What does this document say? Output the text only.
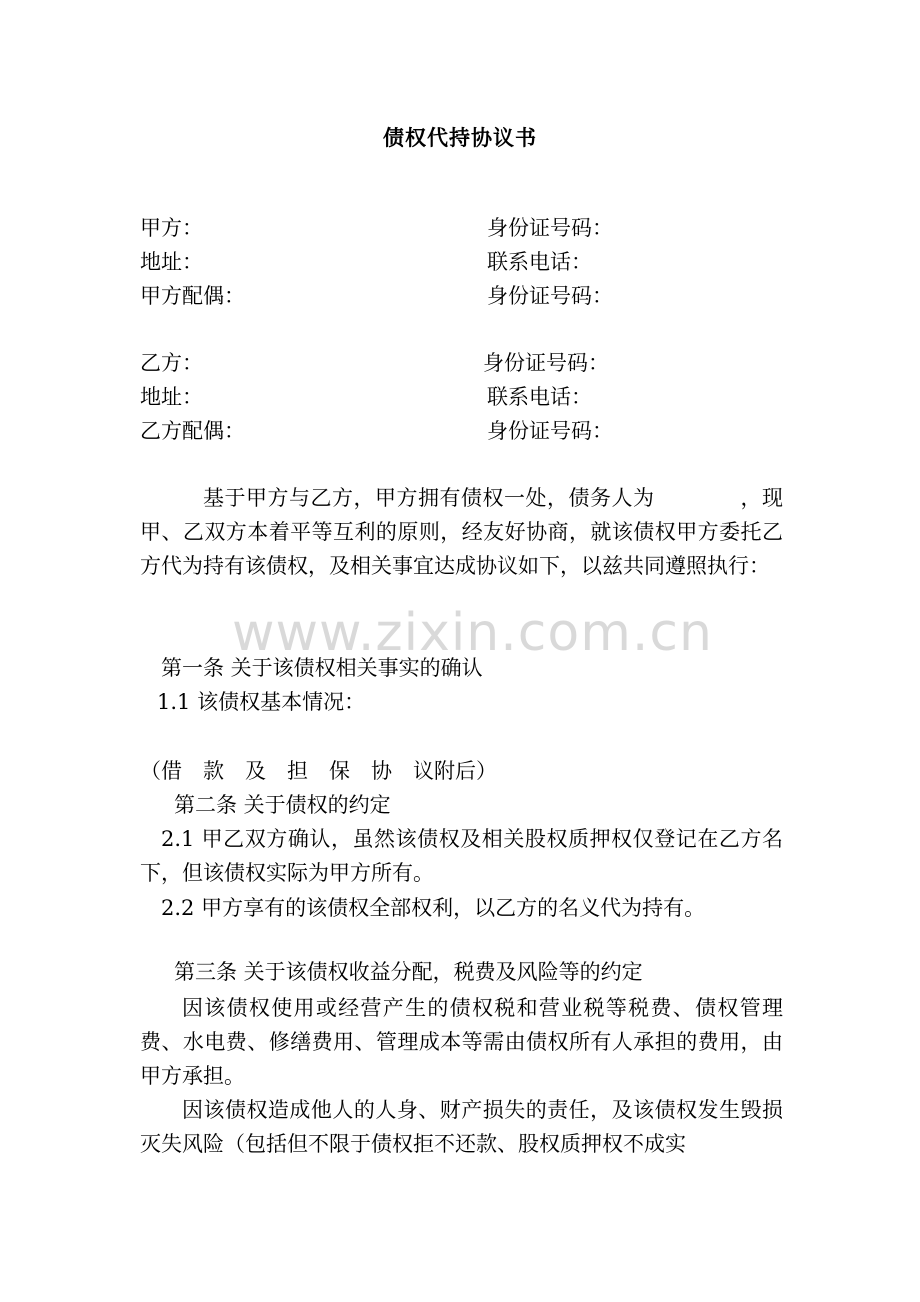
债权代持协议书
甲方：	身份证号码：
地址：	联系电话：
甲方配偶：	身份证号码：
乙方：	身份证号码：
地址：	联系电话：
乙方配偶：	身份证号码：
基于甲方与乙方，甲方拥有债权一处，债务人为　　　　，现甲、乙双方本着平等互利的原则，经友好协商，就该债权甲方委托乙方代为持有该债权，及相关事宜达成协议如下，以兹共同遵照执行：
www.zixin.com.cn
第一条 关于该债权相关事实的确认
1.1 该债权基本情况：
（借　款　及　担　保　协　议附后）
第二条 关于债权的约定
2.1 甲乙双方确认，虽然该债权及相关股权质押权仅登记在乙方名下，但该债权实际为甲方所有。
2.2 甲方享有的该债权全部权利，以乙方的名义代为持有。
第三条 关于该债权收益分配，税费及风险等的约定
因该债权使用或经营产生的债权税和营业税等税费、债权管理费、水电费、修缮费用、管理成本等需由债权所有人承担的费用，由甲方承担。
因该债权造成他人的人身、财产损失的责任，及该债权发生毁损灭失风险（包括但不限于债权拒不还款、股权质押权不成实
